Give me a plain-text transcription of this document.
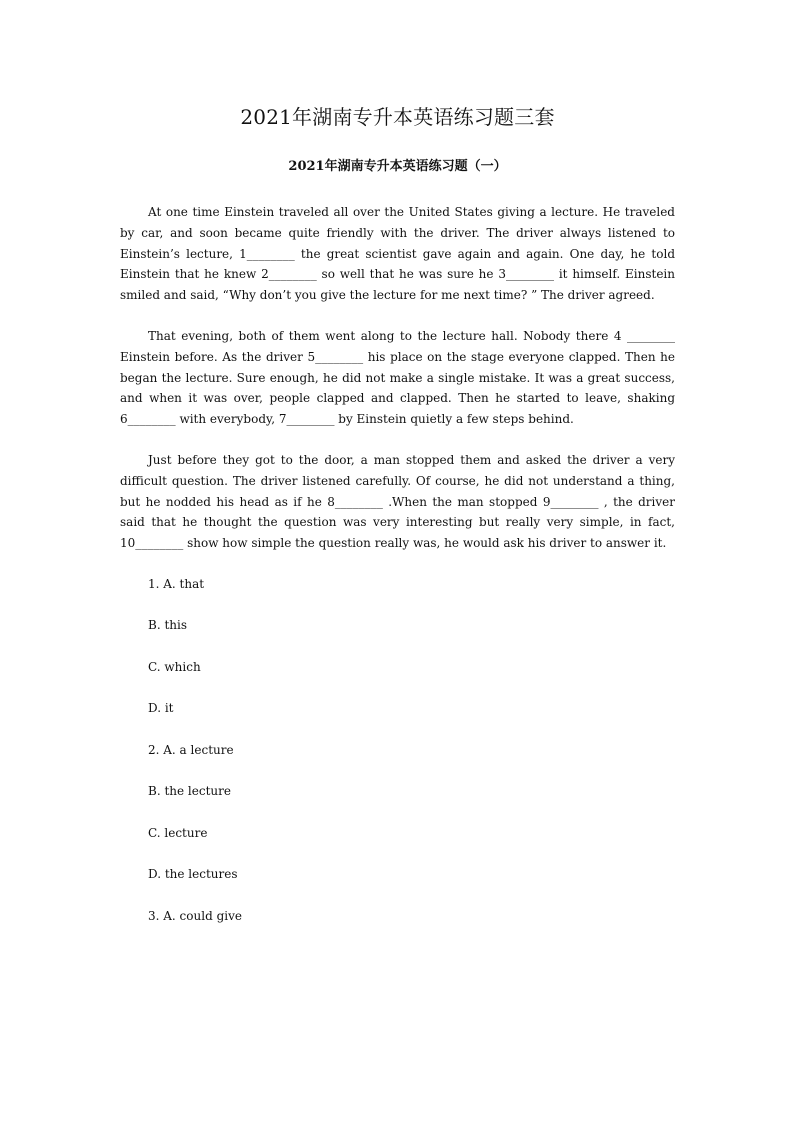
2021年湖南专升本英语练习题三套
2021年湖南专升本英语练习题（一）

At one time Einstein traveled all over the United States giving a lecture. He traveled by car, and soon became quite friendly with the driver. The driver always listened to Einstein’s lecture, 1________ the great scientist gave again and again. One day, he told Einstein that he knew 2________ so well that he was sure he 3________ it himself. Einstein smiled and said, “Why don’t you give the lecture for me next time? ” The driver agreed.

That evening, both of them went along to the lecture hall. Nobody there 4 ________ Einstein before. As the driver 5________ his place on the stage everyone clapped. Then he began the lecture. Sure enough, he did not make a single mistake. It was a great success, and when it was over, people clapped and clapped. Then he started to leave, shaking 6________ with everybody, 7________ by Einstein quietly a few steps behind.

Just before they got to the door, a man stopped them and asked the driver a very difficult question. The driver listened carefully. Of course, he did not understand a thing, but he nodded his head as if he 8________ .When the man stopped 9________ , the driver said that he thought the question was very interesting but really very simple, in fact, 10________ show how simple the question really was, he would ask his driver to answer it.

1. A. that

B. this

C. which

D. it

2. A. a lecture

B. the lecture

C. lecture

D. the lectures

3. A. could give
